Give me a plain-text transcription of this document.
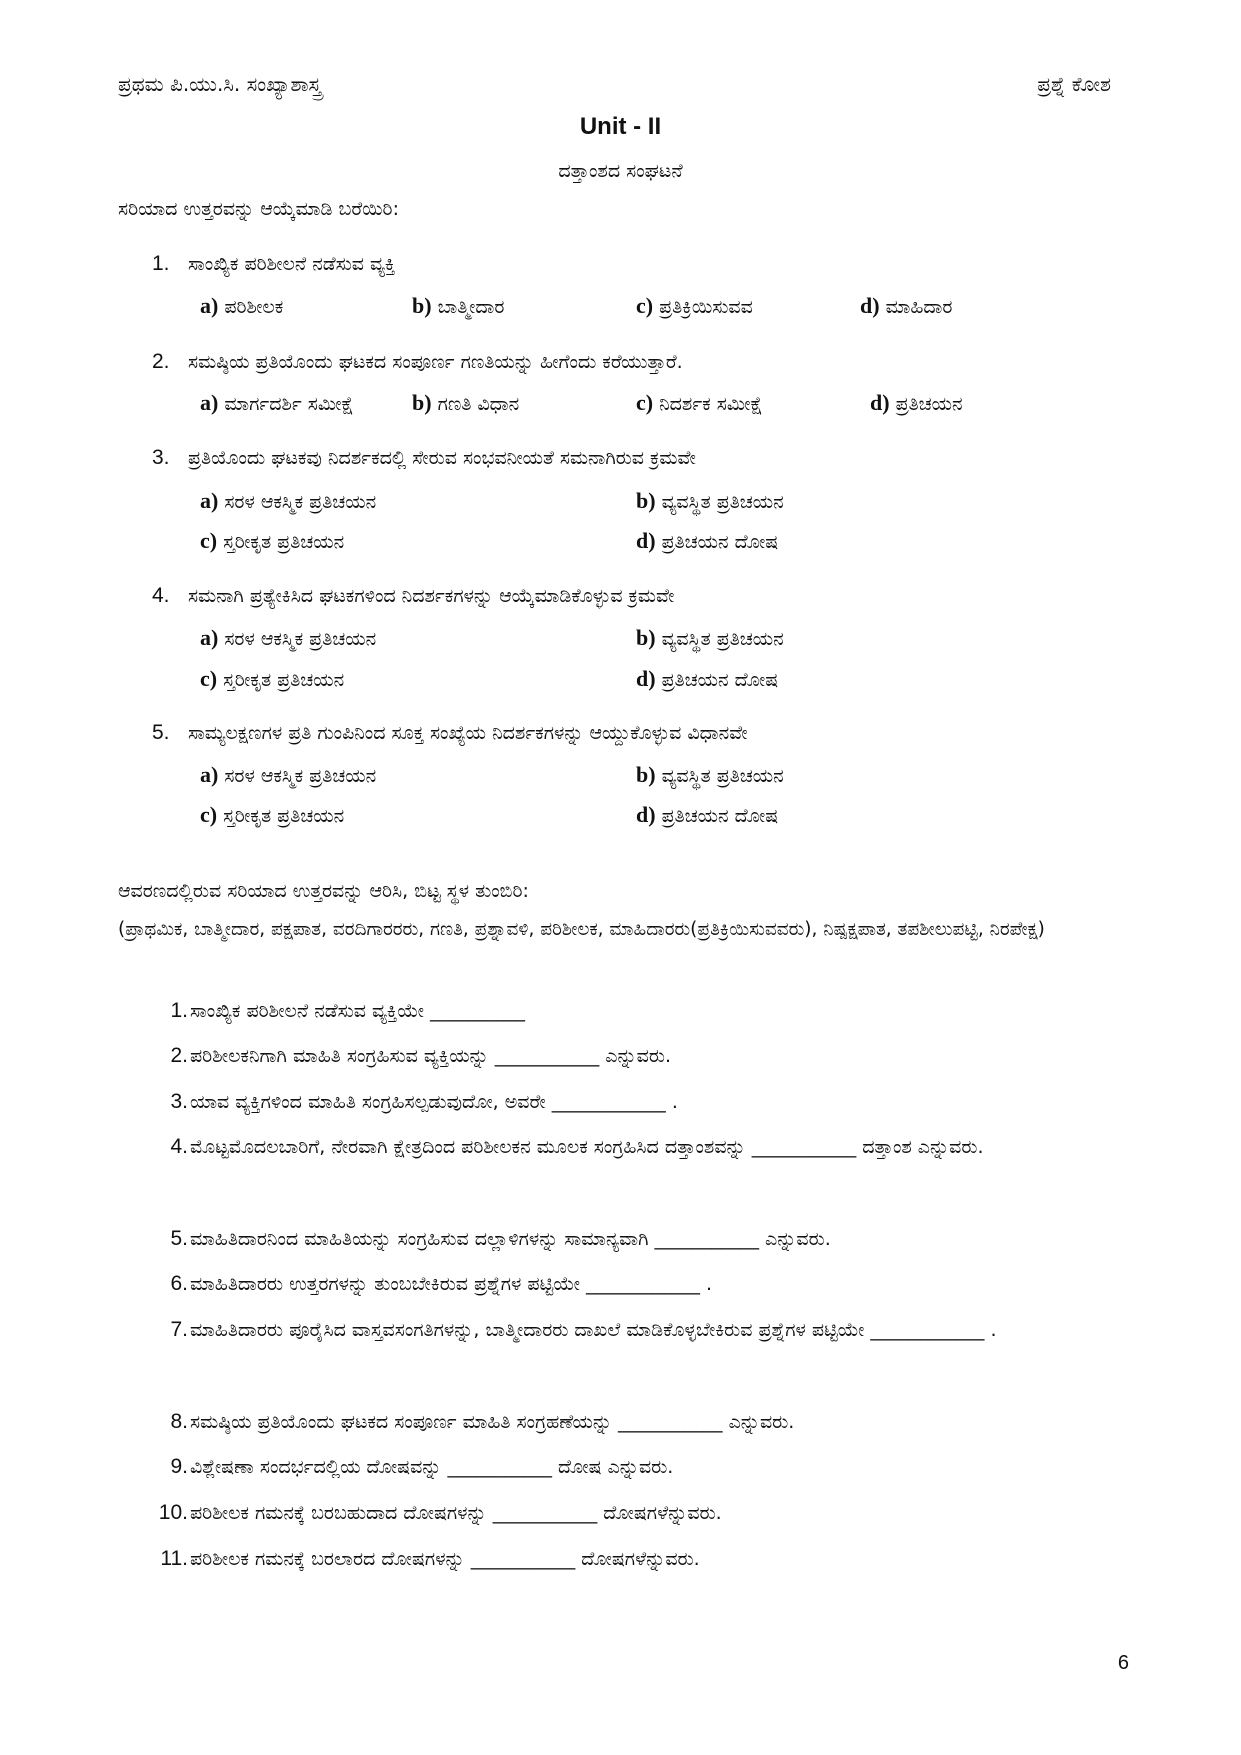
ಪ್ರಥಮ ಪಿ.ಯು.ಸಿ. ಸಂಖ್ಯಾಶಾಸ್ತ್ರ	ಪ್ರಶ್ನೆ ಕೋಶ
Unit - II
ದತ್ತಾಂಶದ ಸಂಘಟನೆ
ಸರಿಯಾದ ಉತ್ತರವನ್ನು ಆಯ್ಕೆಮಾಡಿ ಬರೆಯಿರಿ:
1. ಸಾಂಖ್ಯಿಕ ಪರಿಶೀಲನೆ ನಡೆಸುವ ವ್ಯಕ್ತಿ
a) ಪರಿಶೀಲಕ	b) ಬಾತ್ಮೀದಾರ	c) ಪ್ರತಿಕ್ರಿಯಿಸುವವ	d) ಮಾಹಿದಾರ
2. ಸಮಷ್ಠಿಯ ಪ್ರತಿಯೊಂದು ಘಟಕದ ಸಂಪೂರ್ಣ ಗಣತಿಯನ್ನು ಹೀಗೆಂದು ಕರೆಯುತ್ತಾರೆ.
a) ಮಾರ್ಗದರ್ಶಿ ಸಮೀಕ್ಷೆ	b) ಗಣತಿ ವಿಧಾನ	c) ನಿದರ್ಶಕ ಸಮೀಕ್ಷೆ	d) ಪ್ರತಿಚಯನ
3. ಪ್ರತಿಯೊಂದು ಘಟಕವು ನಿದರ್ಶಕದಲ್ಲಿ ಸೇರುವ ಸಂಭವನೀಯತೆ ಸಮನಾಗಿರುವ ಕ್ರಮವೇ
a) ಸರಳ ಆಕಸ್ಮಿಕ ಪ್ರತಿಚಯನ	b) ವ್ಯವಸ್ಥಿತ ಪ್ರತಿಚಯನ
c) ಸ್ತರೀಕೃತ ಪ್ರತಿಚಯನ	d) ಪ್ರತಿಚಯನ ದೋಷ
4. ಸಮನಾಗಿ ಪ್ರತ್ಯೇಕಿಸಿದ ಘಟಕಗಳಿಂದ ನಿದರ್ಶಕಗಳನ್ನು ಆಯ್ಕೆಮಾಡಿಕೊಳ್ಳುವ ಕ್ರಮವೇ
a) ಸರಳ ಆಕಸ್ಮಿಕ ಪ್ರತಿಚಯನ	b) ವ್ಯವಸ್ಥಿತ ಪ್ರತಿಚಯನ
c) ಸ್ತರೀಕೃತ ಪ್ರತಿಚಯನ	d) ಪ್ರತಿಚಯನ ದೋಷ
5. ಸಾಮ್ಯಲಕ್ಷಣಗಳ ಪ್ರತಿ ಗುಂಪಿನಿಂದ ಸೂಕ್ತ ಸಂಖ್ಯೆಯ ನಿದರ್ಶಕಗಳನ್ನು ಆಯ್ದುಕೊಳ್ಳುವ ವಿಧಾನವೇ
a) ಸರಳ ಆಕಸ್ಮಿಕ ಪ್ರತಿಚಯನ	b) ವ್ಯವಸ್ಥಿತ ಪ್ರತಿಚಯನ
c) ಸ್ತರೀಕೃತ ಪ್ರತಿಚಯನ	d) ಪ್ರತಿಚಯನ ದೋಷ
ಆವರಣದಲ್ಲಿರುವ ಸರಿಯಾದ ಉತ್ತರವನ್ನು ಆರಿಸಿ, ಬಿಟ್ಟ ಸ್ಥಳ ತುಂಬಿರಿ:
(ಪ್ರಾಥಮಿಕ, ಬಾತ್ಮೀದಾರ, ಪಕ್ಷಪಾತ, ವರದಿಗಾರರರು, ಗಣತಿ, ಪ್ರಶ್ನಾವಳಿ, ಪರಿಶೀಲಕ, ಮಾಹಿದಾರರು(ಪ್ರತಿಕ್ರಿಯಿಸುವವರು), ನಿಷ್ಪಕ್ಷಪಾತ, ತಪಶೀಲುಪಟ್ಟಿ, ನಿರಪೇಕ್ಷ)
1. ಸಾಂಖ್ಯಿಕ ಪರಿಶೀಲನೆ ನಡೆಸುವ ವ್ಯಕ್ತಿಯೇ __________
2. ಪರಿಶೀಲಕನಿಗಾಗಿ ಮಾಹಿತಿ ಸಂಗ್ರಹಿಸುವ ವ್ಯಕ್ತಿಯನ್ನು ___________ ಎನ್ನುವರು.
3. ಯಾವ ವ್ಯಕ್ತಿಗಳಿಂದ ಮಾಹಿತಿ ಸಂಗ್ರಹಿಸಲ್ಪಡುವುದೋ, ಅವರೇ ____________ .
4. ಮೊಟ್ಟಮೊದಲಬಾರಿಗೆ, ನೇರವಾಗಿ ಕ್ಷೇತ್ರದಿಂದ ಪರಿಶೀಲಕನ ಮೂಲಕ ಸಂಗ್ರಹಿಸಿದ ದತ್ತಾಂಶವನ್ನು ___________ ದತ್ತಾಂಶ ಎನ್ನುವರು.
5. ಮಾಹಿತಿದಾರನಿಂದ ಮಾಹಿತಿಯನ್ನು ಸಂಗ್ರಹಿಸುವ ದಲ್ಲಾಳಿಗಳನ್ನು ಸಾಮಾನ್ಯವಾಗಿ ___________ ಎನ್ನುವರು.
6. ಮಾಹಿತಿದಾರರು ಉತ್ತರಗಳನ್ನು ತುಂಬಬೇಕಿರುವ ಪ್ರಶ್ನೆಗಳ ಪಟ್ಟಿಯೇ ____________ .
7. ಮಾಹಿತಿದಾರರು ಪೂರೈಸಿದ ವಾಸ್ತವಸಂಗತಿಗಳನ್ನು, ಬಾತ್ಮೀದಾರರು ದಾಖಲೆ ಮಾಡಿಕೊಳ್ಳಬೇಕಿರುವ ಪ್ರಶ್ನೆಗಳ ಪಟ್ಟಿಯೇ ____________ .
8. ಸಮಷ್ಠಿಯ ಪ್ರತಿಯೊಂದು ಘಟಕದ ಸಂಪೂರ್ಣ ಮಾಹಿತಿ ಸಂಗ್ರಹಣೆಯನ್ನು ___________ ಎನ್ನುವರು.
9. ವಿಶ್ಲೇಷಣಾ ಸಂದರ್ಭದಲ್ಲಿಯ ದೋಷವನ್ನು ___________ ದೋಷ ಎನ್ನುವರು.
10. ಪರಿಶೀಲಕ ಗಮನಕ್ಕೆ ಬರಬಹುದಾದ ದೋಷಗಳನ್ನು ___________ ದೋಷಗಳೆನ್ನುವರು.
11. ಪರಿಶೀಲಕ ಗಮನಕ್ಕೆ ಬರಲಾರದ ದೋಷಗಳನ್ನು ___________ ದೋಷಗಳೆನ್ನುವರು.
6
